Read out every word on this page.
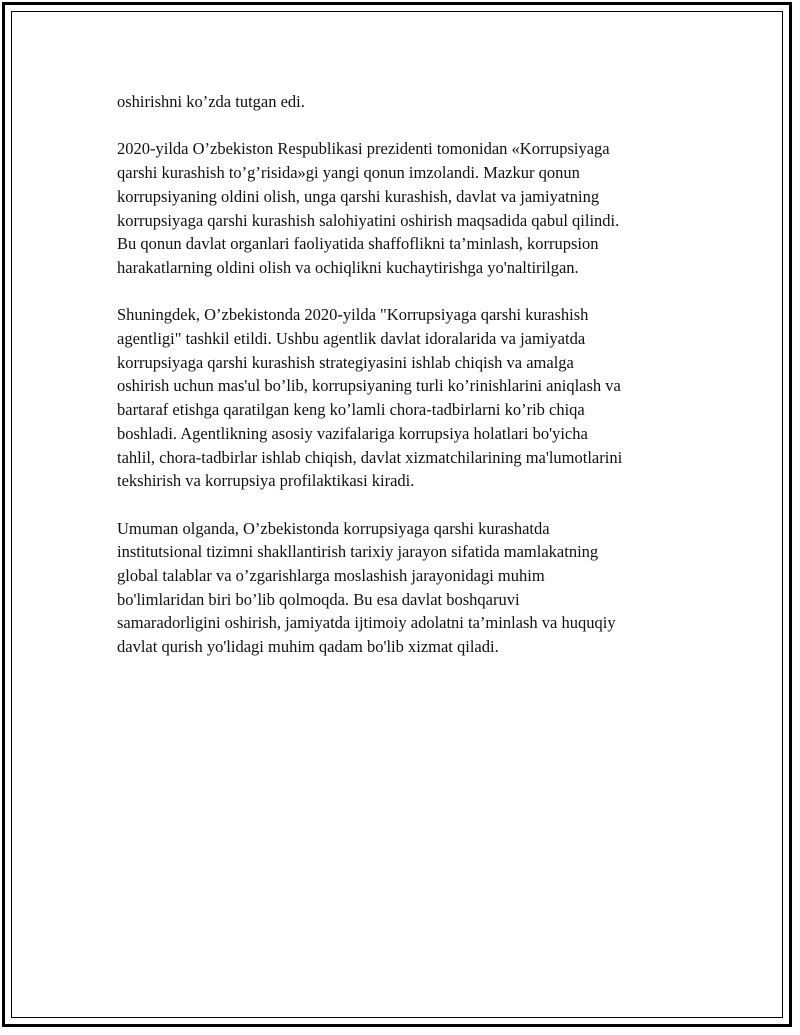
oshirishni ko’zda tutgan edi.

2020-yilda O’zbekiston Respublikasi prezidenti tomonidan «Korrupsiyaga
qarshi kurashish to’g’risida»gi yangi qonun imzolandi. Mazkur qonun
korrupsiyaning oldini olish, unga qarshi kurashish, davlat va jamiyatning
korrupsiyaga qarshi kurashish salohiyatini oshirish maqsadida qabul qilindi.
Bu qonun davlat organlari faoliyatida shaffoflikni ta’minlash, korrupsion
harakatlarning oldini olish va ochiqlikni kuchaytirishga yo'naltirilgan.

Shuningdek, O’zbekistonda 2020-yilda "Korrupsiyaga qarshi kurashish
agentligi" tashkil etildi. Ushbu agentlik davlat idoralarida va jamiyatda
korrupsiyaga qarshi kurashish strategiyasini ishlab chiqish va amalga
oshirish uchun mas'ul bo’lib, korrupsiyaning turli ko’rinishlarini aniqlash va
bartaraf etishga qaratilgan keng ko’lamli chora-tadbirlarni ko’rib chiqa
boshladi. Agentlikning asosiy vazifalariga korrupsiya holatlari bo'yicha
tahlil, chora-tadbirlar ishlab chiqish, davlat xizmatchilarining ma'lumotlarini
tekshirish va korrupsiya profilaktikasi kiradi.

Umuman olganda, O’zbekistonda korrupsiyaga qarshi kurashatda
institutsional tizimni shakllantirish tarixiy jarayon sifatida mamlakatning
global talablar va o’zgarishlarga moslashish jarayonidagi muhim
bo'limlaridan biri bo’lib qolmoqda. Bu esa davlat boshqaruvi
samaradorligini oshirish, jamiyatda ijtimoiy adolatni ta’minlash va huquqiy
davlat qurish yo'lidagi muhim qadam bo'lib xizmat qiladi.
